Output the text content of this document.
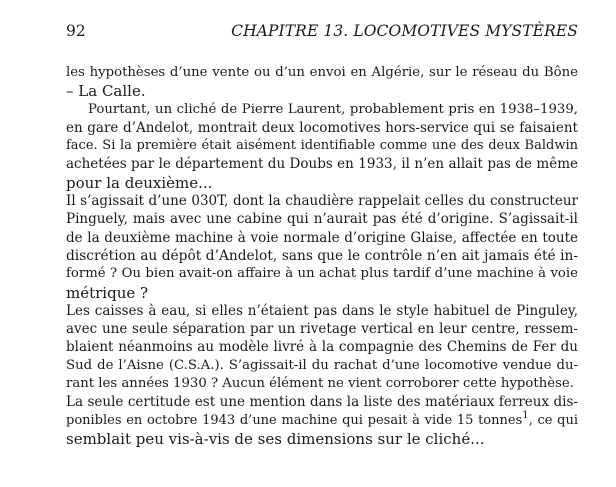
92	CHAPITRE 13. LOCOMOTIVES MYSTÈRES
les hypothèses d’une vente ou d’un envoi en Algérie, sur le réseau du Bône
– La Calle.
Pourtant, un cliché de Pierre Laurent, probablement pris en 1938–1939,
en gare d’Andelot, montrait deux locomotives hors-service qui se faisaient
face. Si la première était aisément identifiable comme une des deux Baldwin
achetées par le département du Doubs en 1933, il n’en allait pas de même
pour la deuxième...
Il s’agissait d’une 030T, dont la chaudière rappelait celles du constructeur
Pinguely, mais avec une cabine qui n’aurait pas été d’origine. S’agissait-il
de la deuxième machine à voie normale d’origine Glaise, affectée en toute
discrétion au dépôt d’Andelot, sans que le contrôle n’en ait jamais été in-
formé ? Ou bien avait-on affaire à un achat plus tardif d’une machine à voie
métrique ?
Les caisses à eau, si elles n’étaient pas dans le style habituel de Pinguley,
avec une seule séparation par un rivetage vertical en leur centre, ressem-
blaient néanmoins au modèle livré à la compagnie des Chemins de Fer du
Sud de l’Aisne (C.S.A.). S’agissait-il du rachat d’une locomotive vendue du-
rant les années 1930 ? Aucun élément ne vient corroborer cette hypothèse.
La seule certitude est une mention dans la liste des matériaux ferreux dis-
ponibles en octobre 1943 d’une machine qui pesait à vide 15 tonnes$^1$, ce qui
semblait peu vis-à-vis de ses dimensions sur le cliché...
